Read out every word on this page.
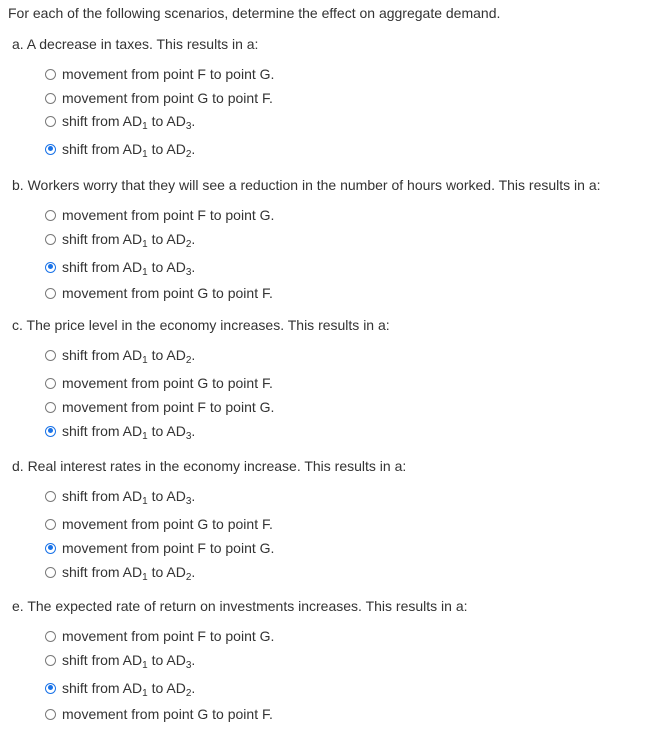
For each of the following scenarios, determine the effect on aggregate demand.
a. A decrease in taxes. This results in a:
movement from point F to point G.
movement from point G to point F.
shift from $AD_1$ to $AD_3$.
shift from $AD_1$ to $AD_2$.
b. Workers worry that they will see a reduction in the number of hours worked. This results in a:
movement from point F to point G.
shift from $AD_1$ to $AD_2$.
shift from $AD_1$ to $AD_3$.
movement from point G to point F.
c. The price level in the economy increases. This results in a:
shift from $AD_1$ to $AD_2$.
movement from point G to point F.
movement from point F to point G.
shift from $AD_1$ to $AD_3$.
d. Real interest rates in the economy increase. This results in a:
shift from $AD_1$ to $AD_3$.
movement from point G to point F.
movement from point F to point G.
shift from $AD_1$ to $AD_2$.
e. The expected rate of return on investments increases. This results in a:
movement from point F to point G.
shift from $AD_1$ to $AD_3$.
shift from $AD_1$ to $AD_2$.
movement from point G to point F.
